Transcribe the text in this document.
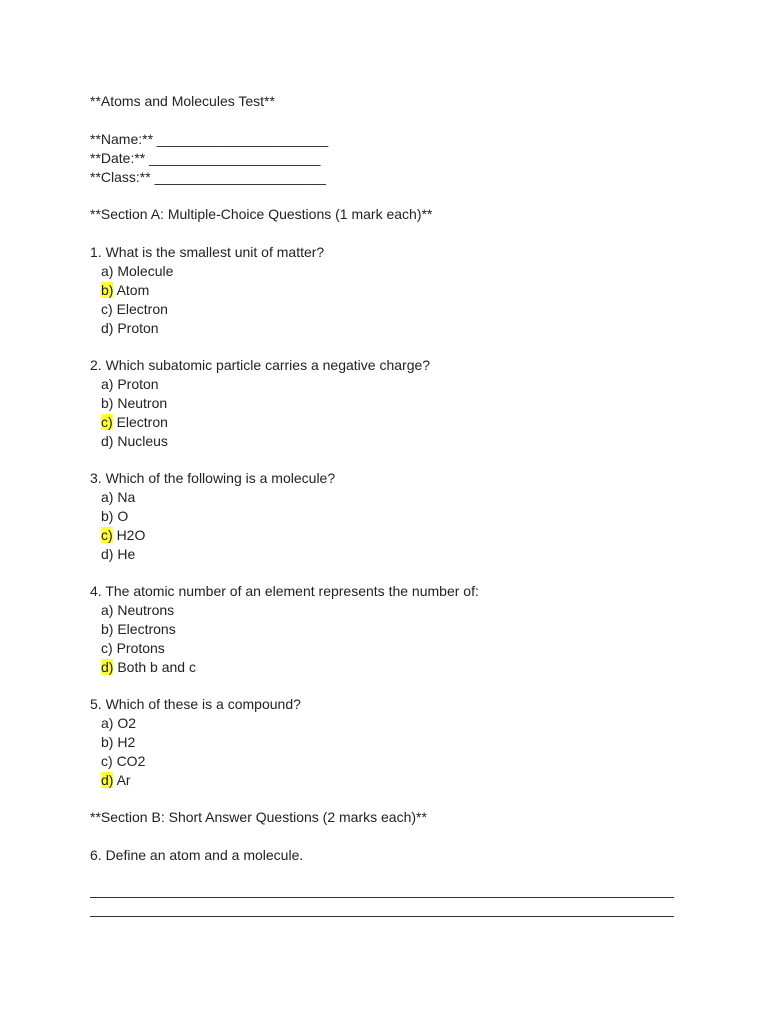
**Atoms and Molecules Test**
**Name:** ______________________
**Date:** ______________________
**Class:** ______________________
**Section A: Multiple-Choice Questions (1 mark each)**
1. What is the smallest unit of matter?
a) Molecule
b) Atom
c) Electron
d) Proton
2. Which subatomic particle carries a negative charge?
a) Proton
b) Neutron
c) Electron
d) Nucleus
3. Which of the following is a molecule?
a) Na
b) O
c) H2O
d) He
4. The atomic number of an element represents the number of:
a) Neutrons
b) Electrons
c) Protons
d) Both b and c
5. Which of these is a compound?
a) O2
b) H2
c) CO2
d) Ar
**Section B: Short Answer Questions (2 marks each)**
6. Define an atom and a molecule.
